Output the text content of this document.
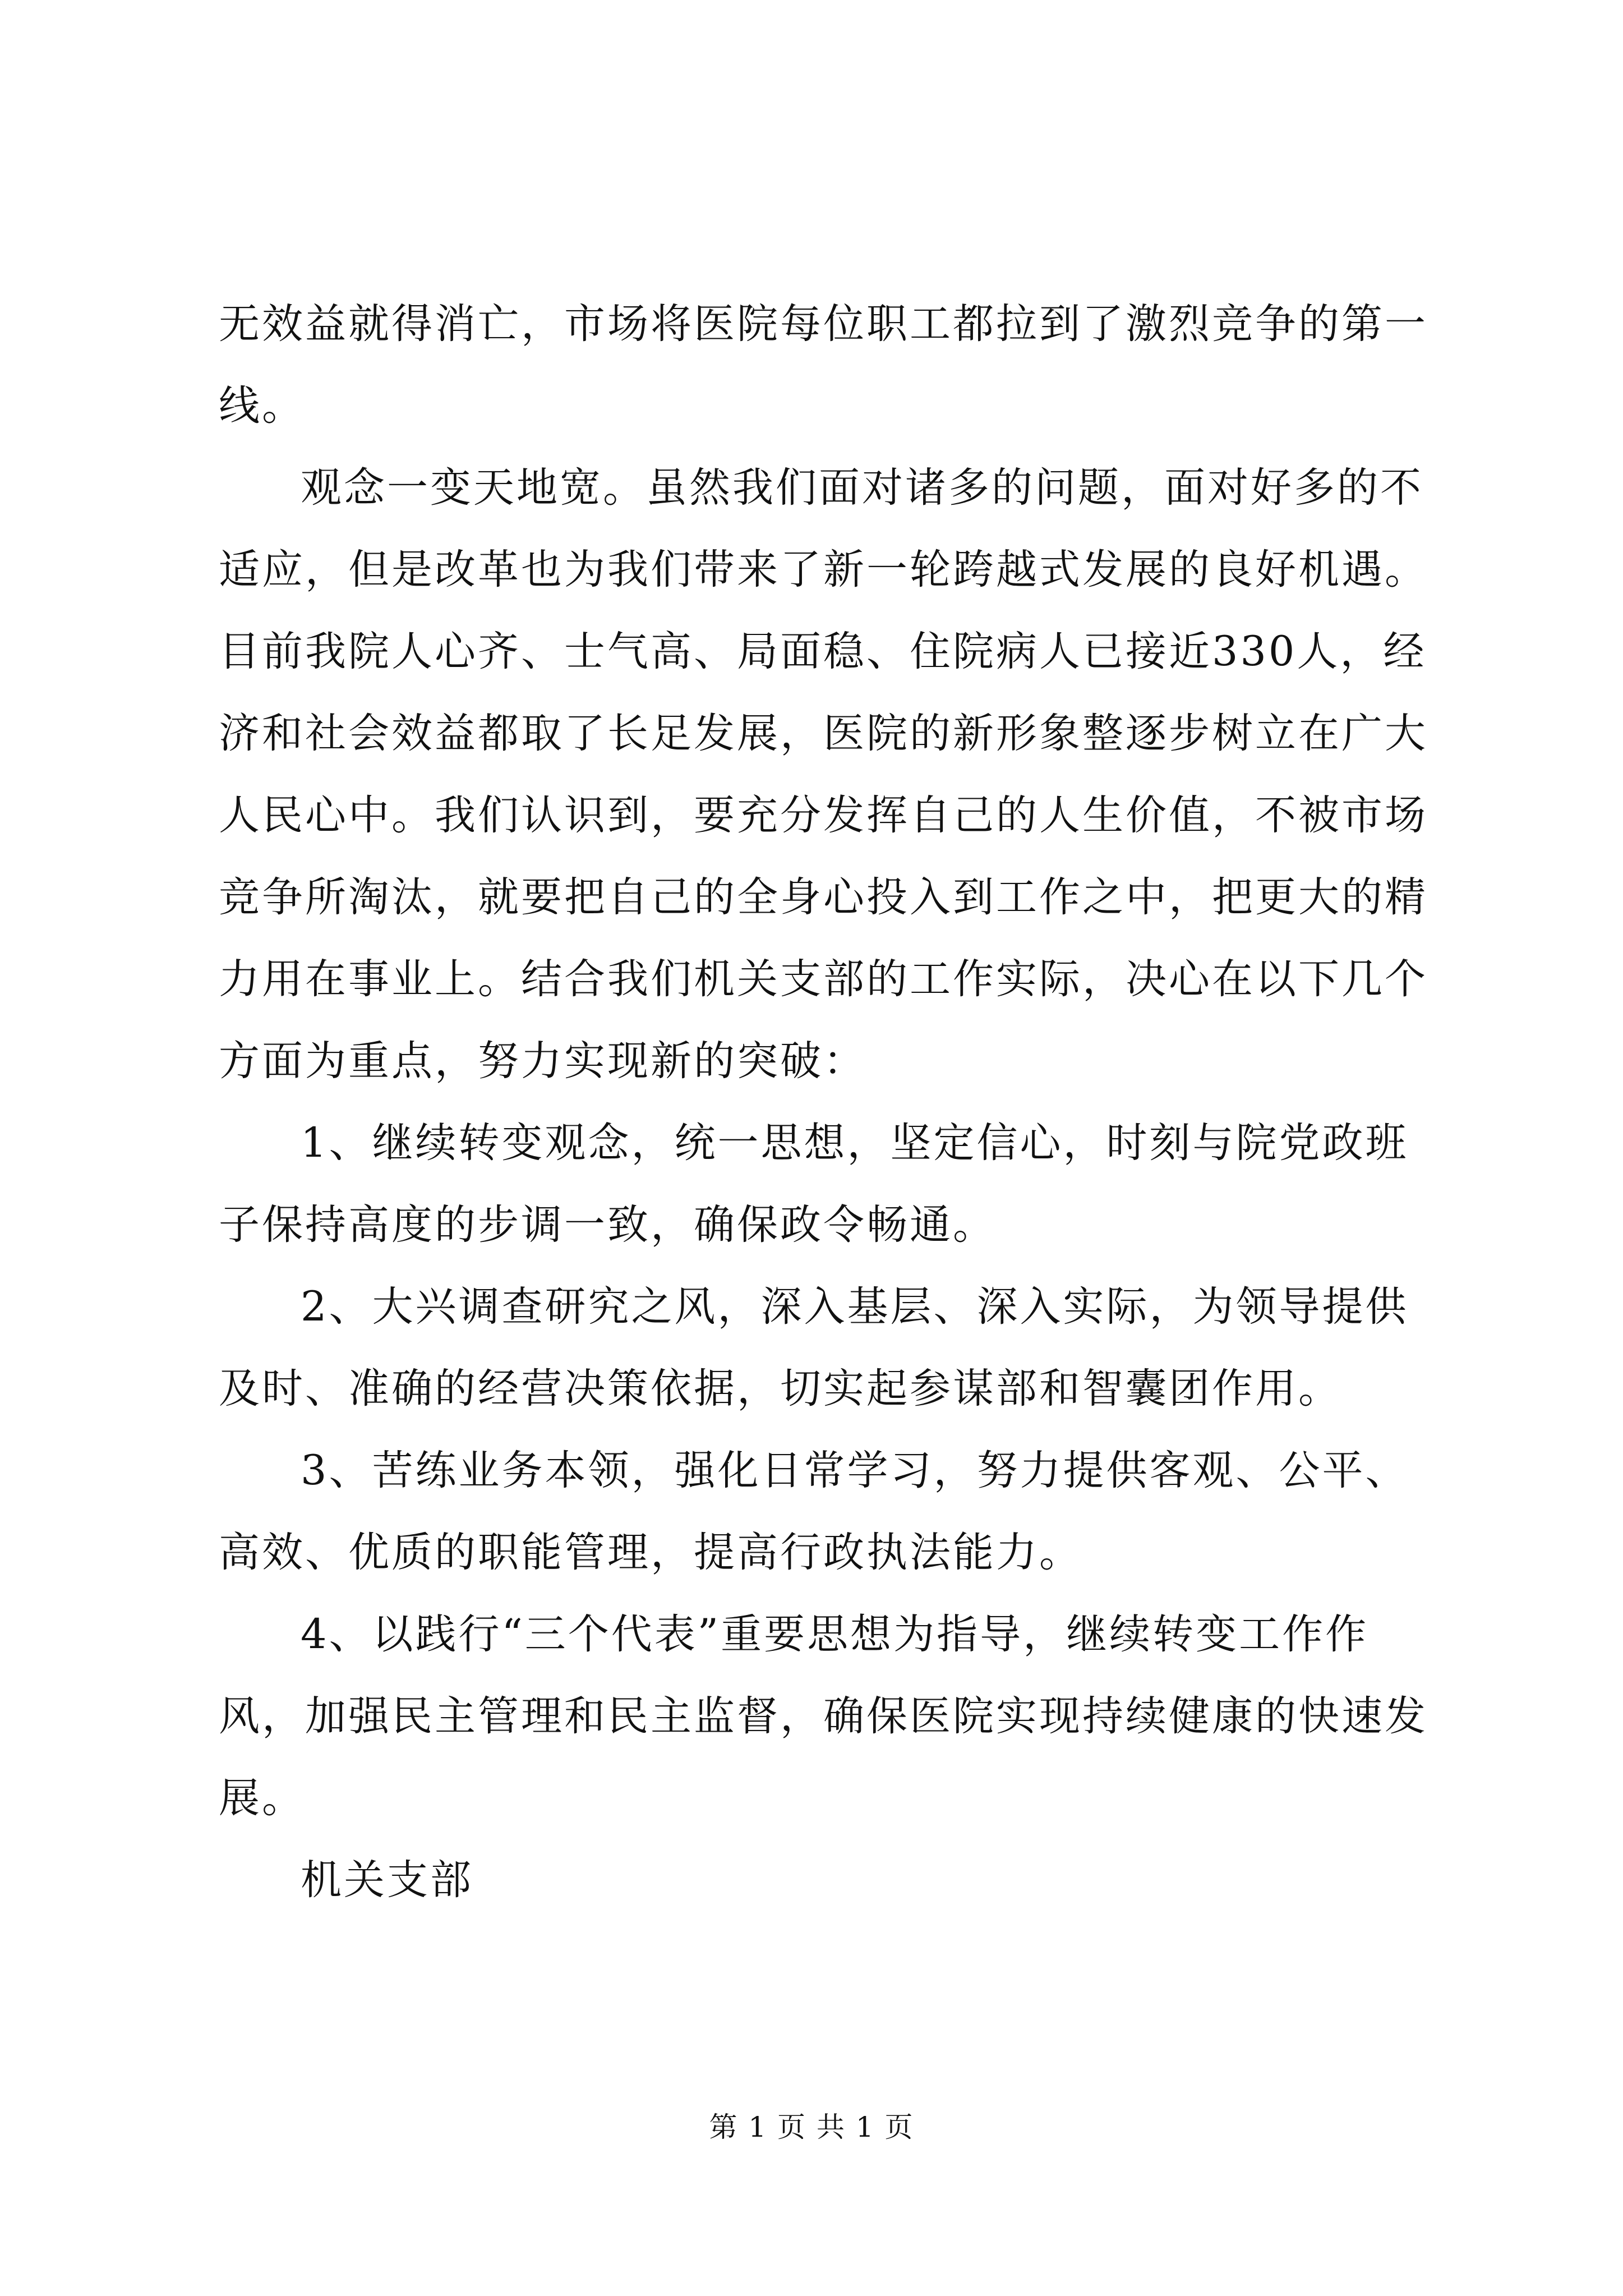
无效益就得消亡，市场将医院每位职工都拉到了激烈竞争的第一
线。
观念一变天地宽。虽然我们面对诸多的问题，面对好多的不
适应，但是改革也为我们带来了新一轮跨越式发展的良好机遇。
目前我院人心齐、士气高、局面稳、住院病人已接近330人，经
济和社会效益都取了长足发展，医院的新形象整逐步树立在广大
人民心中。我们认识到，要充分发挥自己的人生价值，不被市场
竞争所淘汰，就要把自己的全身心投入到工作之中，把更大的精
力用在事业上。结合我们机关支部的工作实际，决心在以下几个
方面为重点，努力实现新的突破：
1、继续转变观念，统一思想，坚定信心，时刻与院党政班
子保持高度的步调一致，确保政令畅通。
2、大兴调查研究之风，深入基层、深入实际，为领导提供
及时、准确的经营决策依据，切实起参谋部和智囊团作用。
3、苦练业务本领，强化日常学习，努力提供客观、公平、
高效、优质的职能管理，提高行政执法能力。
4、以践行“三个代表”重要思想为指导，继续转变工作作
风，加强民主管理和民主监督，确保医院实现持续健康的快速发
展。
机关支部
第 1 页 共 1 页
